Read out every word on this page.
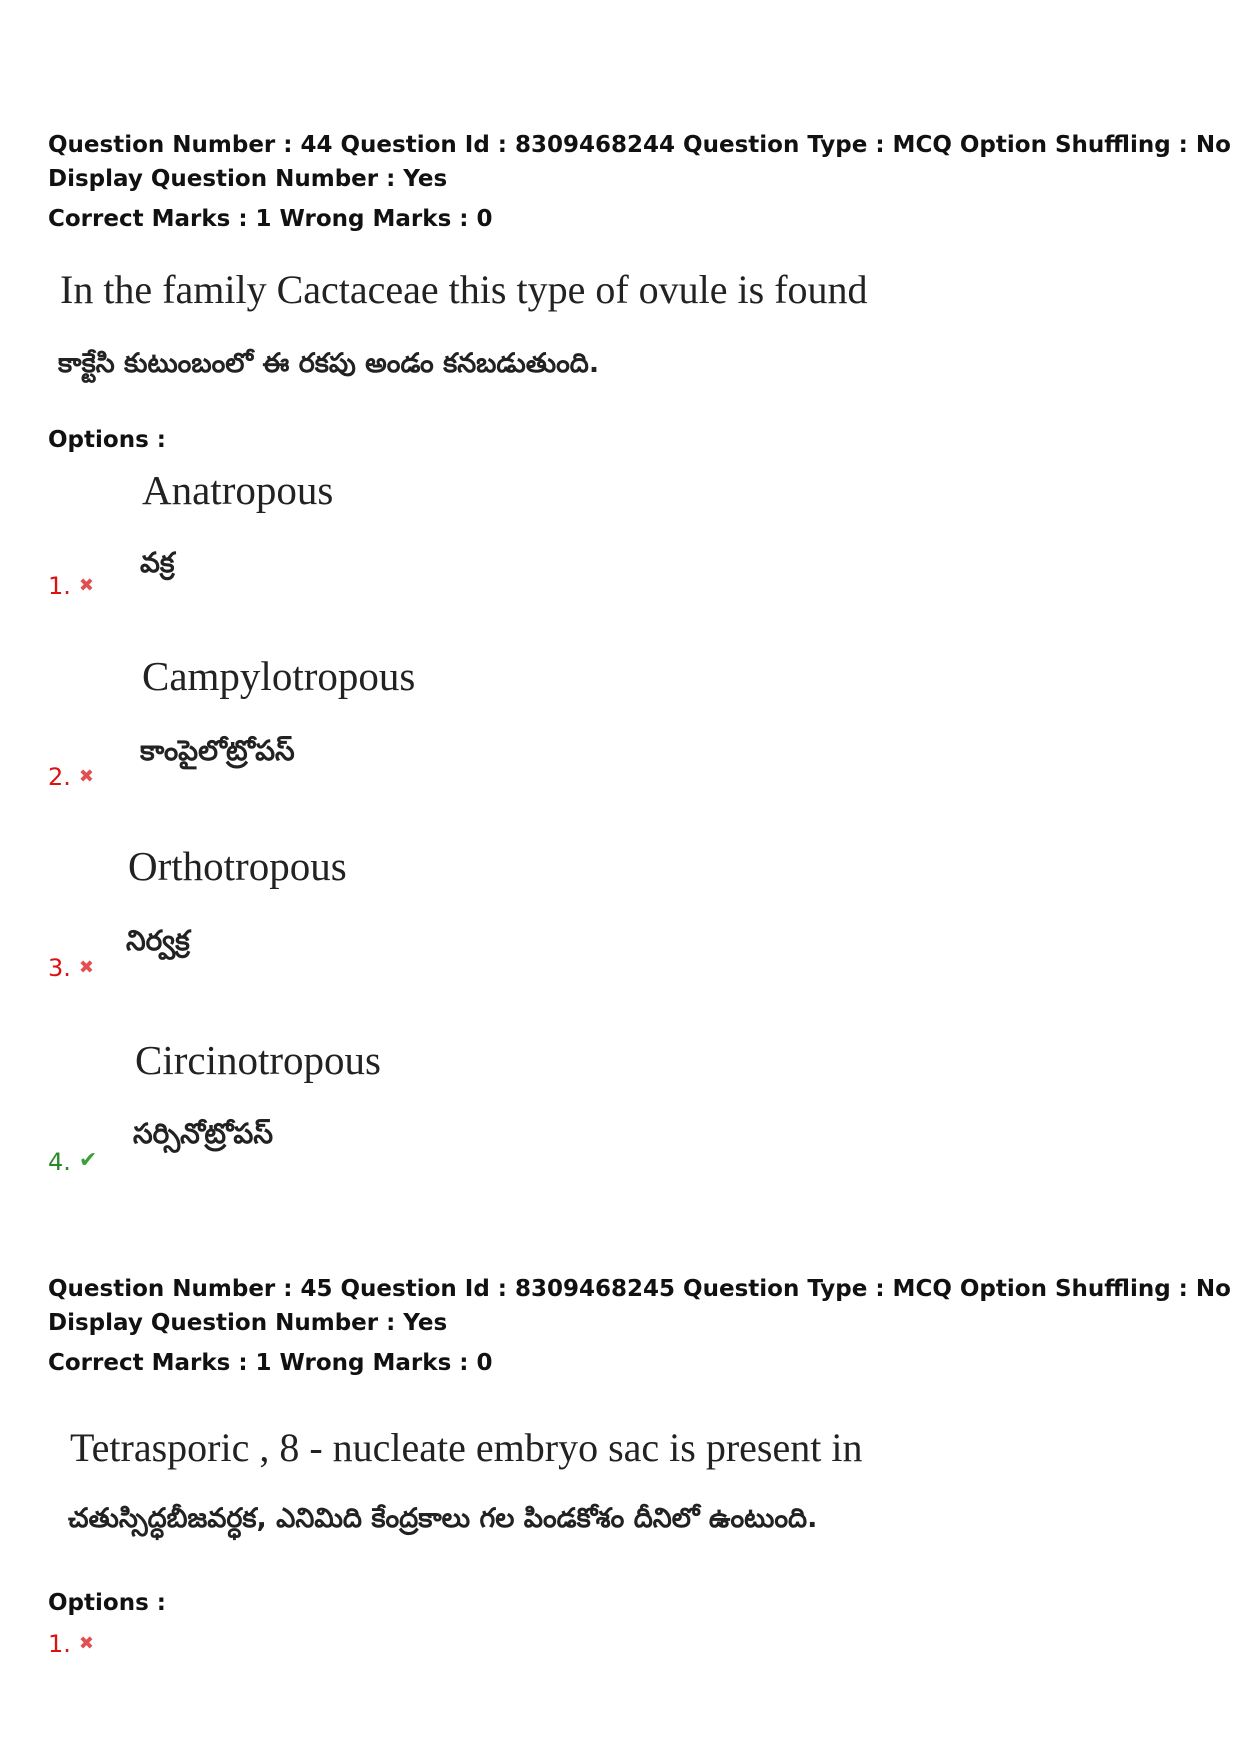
Question Number : 44 Question Id : 8309468244 Question Type : MCQ Option Shuffling : No
Display Question Number : Yes
Correct Marks : 1 Wrong Marks : 0
In the family Cactaceae this type of ovule is found
కాక్టేసి కుటుంబంలో ఈ రకపు అండం కనబడుతుంది.
Options :
Anatropous
వక్ర
1. ✖
Campylotropous
కాంపైలోట్రోపస్
2. ✖
Orthotropous
నిర్వక్ర
3. ✖
Circinotropous
సర్సినోట్రోపస్
4. ✔
Question Number : 45 Question Id : 8309468245 Question Type : MCQ Option Shuffling : No
Display Question Number : Yes
Correct Marks : 1 Wrong Marks : 0
Tetrasporic , 8 - nucleate embryo sac is present in
చతుస్సిద్ధబీజవర్ధక, ఎనిమిది కేంద్రకాలు గల పిండకోశం దీనిలో ఉంటుంది.
Options :
1. ✖
